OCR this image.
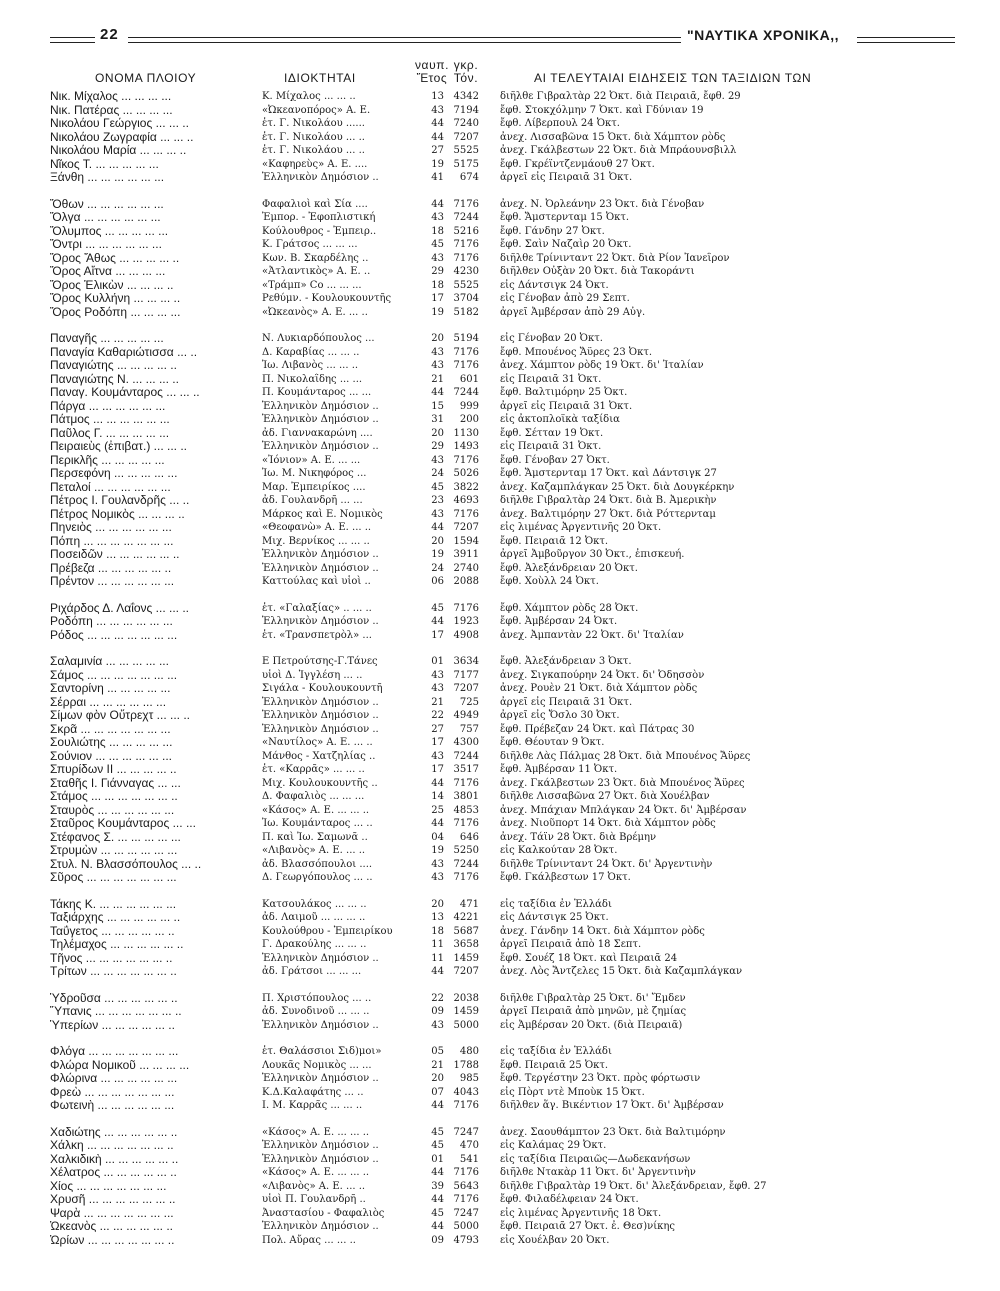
22	"ΝΑΥΤΙΚΑ ΧΡΟΝΙΚΑ,,
ΟΝΟΜΑ ΠΛΟΙΟΥ	ΙΔΙΟΚΤΗΤΑΙ
ναυπ.
Ἔτος
γκρ.
Τόν.	ΑΙ ΤΕΛΕΥΤΑΙΑΙ ΕΙΔΗΣΕΙΣ ΤΩΝ ΤΑΞΙΔΙΩΝ ΤΩΝ
Νικ. Μίχαλος ... ... ... ...	Κ. Μίχαλος ... ... ..	13 4342 διῆλθε Γιβραλτὰρ 22 Ὀκτ. διὰ Πειραιᾶ, ἔφθ. 29
Νικ. Πατέρας ... ... ... ...	«Ὠκεανοπόρος» Α. Ε.	43 7194 ἔφθ. Στοκχόλμην 7 Ὀκτ. καὶ Γδύνιαν 19
Νικολάου Γεώργιος ... ... ..	ἑτ. Γ. Νικολάου ......	44 7240 ἔφθ. Λίβερπουλ 24 Ὀκτ.
Νικολάου Ζωγραφία ... ... ..	ἑτ. Γ. Νικολάου ... ..	44 7207 ἀνεχ. Λισσαβῶνα 15 Ὀκτ. διὰ Χάμπτον ρὸδς
Νικολάου Μαρία ... ... ... ..	ἑτ. Γ. Νικολάου ... ..	27 5525 ἀνεχ. Γκάλβεστων 22 Ὀκτ. διὰ Μπράουνσβιλλ
Νῖκος Τ. ... ... ... ... ...	«Καφηρεὺς» Α. Ε. ....	19 5175 ἔφθ. Γκρέϊντζενμάουθ 27 Ὀκτ.
Ξάνθη ... ... ... ... ... ...	Ἑλληνικὸν Δημόσιον ..	41	674 ἀργεῖ εἰς Πειραιᾶ 31 Ὀκτ.
Ὄθων ... ... ... ... ... ...	Φαφαλιοὶ καὶ Σία ....	44 7176 ἀνεχ. Ν. Ὀρλεάνην 23 Ὀκτ. διὰ Γένοβαν
Ὄλγα ... ... ... ... ... ...	Ἐμπορ. - Ἐφοπλιστική	43 7244 ἔφθ. Ἄμστερνταμ 15 Ὀκτ.
Ὄλυμπος ... ... ... ... ...	Κούλουθρος - Ἐμπειρ..	18 5216 ἔφθ. Γάνδην 27 Ὀκτ.
Ὄντρι ... ... ... ... ... ...	Κ. Γράτσος ... ... ...	45 7176 ἔφθ. Σαὶν Ναζαὶρ 20 Ὀκτ.
Ὄρος Ἄθως ... ... ... ... ..	Κων. Β. Σκαρδέλης ..	43 7176 διῆλθε Τρίνινταντ 22 Ὀκτ. διὰ Ρίον Ἰανεΐρον
Ὄρος Αἴτνα ... ... ... ...	«Ἀτλαντικὸς» Α. Ε. ..	29 4230 διῆλθεν Οὐξὰν 20 Ὀκτ. διὰ Τακοράντι
Ὄρος Ἑλικὼν ... ... ... ..	«Τράμπ» Co ... ... ...	18 5525 εἰς Δάντσιγκ 24 Ὀκτ.
Ὄρος Κυλλήνη ... ... ... ..	Ρεθύμν. - Κουλουκουντῆς	17 3704 εἰς Γένοβαν ἀπὸ 29 Σεπτ.
Ὄρος Ροδόπη ... ... ... ...	«Ὠκεανὸς» Α. Ε. ... ..	19 5182 ἀργεῖ Ἀμβέρσαν ἀπὸ 29 Αὐγ.
Παναγῆς ... ... ... ... ...	Ν. Λυκιαρδόπουλος ...	20 5194 εἰς Γένοβαν 20 Ὀκτ.
Παναγία Καθαριώτισσα ... ..	Δ. Καραβίας ... ... ..	43 7176 ἔφθ. Μπουένος Ἄϋρες 23 Ὀκτ.
Παναγιώτης ... ... ... ... ..	Ἰω. Λιβανὸς ... ... ..	43 7176 ἀνεχ. Χάμπτον ρὸδς 19 Ὀκτ. δι' Ἰταλίαν
Παναγιώτης Ν. ... ... ... ..	Π. Νικολαΐδης ... ...	21	601 εἰς Πειραιᾶ 31 Ὀκτ.
Παναγ. Κουμάνταρος ... ... ..	Π. Κουμάνταρος ... ...	44 7244 ἔφθ. Βαλτιμόρην 25 Ὀκτ.
Πάργα ... ... ... ... ... ...	Ἑλληνικὸν Δημόσιον ..	15	999 ἀργεῖ εἰς Πειραιᾶ 31 Ὀκτ.
Πάτμος ... ... ... ... ... ...	Ἑλληνικὸν Δημόσιον ..	31	200 εἰς ἀκτοπλοϊκὰ ταξίδια
Παῦλος Γ. ... ... ... ... ...	ἀδ. Γιαννακαρώνη ....	20 1130 ἔφθ. Σέτταν 19 Ὀκτ.
Πειραιεὺς (ἐπιβατ.) ... ... ..	Ἑλληνικὸν Δημόσιον ..	29 1493 εἰς Πειραιᾶ 31 Ὀκτ.
Περικλῆς ... ... ... ... ...	«Ἰόνιον» Α. Ε. ... ...	43 7176 ἔφθ. Γένοβαν 27 Ὀκτ.
Περσεφόνη ... ... ... ... ...	Ἰω. Μ. Νικηφόρος ...	24 5026 ἔφθ. Ἄμστερνταμ 17 Ὀκτ. καὶ Δάντσιγκ 27
Πεταλοί ... ... ... ... ... ...	Μαρ. Ἐμπειρίκος ....	45 3822 ἀνεχ. Καζαμπλάγκαν 25 Ὀκτ. διὰ Δουγκέρκην
Πέτρος Ι. Γουλανδρῆς ... ..	ἀδ. Γουλανδρῆ ... ...	23 4693 διῆλθε Γιβραλτὰρ 24 Ὀκτ. διὰ Β. Ἀμερικὴν
Πέτρος Νομικὸς ... ... ... ..	Μάρκος καὶ Ε. Νομικὸς	43 7176 ἀνεχ. Βαλτιμόρην 27 Ὀκτ. διὰ Ρόττερνταμ
Πηνειὸς ... ... ... ... ... ...	«Θεοφανὼ» Α. Ε. ... ..	44 7207 εἰς λιμένας Ἀργεντινῆς 20 Ὀκτ.
Πόπη ... ... ... ... ... ... ...	Μιχ. Βερνίκος ... ... ..	20 1594 ἔφθ. Πειραιᾶ 12 Ὀκτ.
Ποσειδῶν ... ... ... ... ... ..	Ἑλληνικὸν Δημόσιον ..	19 3911 ἀργεῖ Ἀμβοῦργον 30 Ὀκτ., ἐπισκευή.
Πρέβεζα ... ... ... ... ... ..	Ἑλληνικὸν Δημόσιον ..	24 2740 ἔφθ. Ἀλεξάνδρειαν 20 Ὀκτ.
Πρέντον ... ... ... ... ... ...	Καττούλας καὶ υἱοὶ ..	06 2088 ἔφθ. Χοὺλλ 24 Ὀκτ.
Ριχάρδος Δ. Λαΐονς ... ... ..	ἑτ. «Γαλαξίας» .. ... ..	45 7176 ἔφθ. Χάμπτον ρὸδς 28 Ὀκτ.
Ροδόπη ... ... ... ... ... ...	Ἑλληνικὸν Δημόσιον ..	44 1923 ἔφθ. Ἀμβέρσαν 24 Ὀκτ.
Ρόδος ... ... ... ... ... ... ...	ἑτ. «Τρανσπετρὸλ» ...	17 4908 ἀνεχ. Ἀμπαντὰν 22 Ὀκτ. δι' Ἰταλίαν
Σαλαμινία ... ... ... ... ...	Ε Πετρούτσης-Γ.Τάνες	01 3634 ἔφθ. Ἀλεξάνδρειαν 3 Ὀκτ.
Σάμος ... ... ... ... ... ... ...	υἱοὶ Δ. Ἰγγλέση ... ..	43 7177 ἀνεχ. Σιγκαπούρην 24 Ὀκτ. δι' Ὀδησσὸν
Σαντορίνη ... ... ... ... ...	Σιγάλα - Κουλουκουντῆ	43 7207 ἀνεχ. Ρουὲν 21 Ὀκτ. διὰ Χάμπτον ρὸδς
Σέρραι ... ... ... ... ... ...	Ἑλληνικὸν Δημόσιον ..	21	725 ἀργεῖ εἰς Πειραιᾶ 31 Ὀκτ.
Σίμων φὸν Οὔτρεχτ ... ... ..	Ἑλληνικὸν Δημόσιον ..	22 4949 ἀργεῖ εἰς Ὄσλο 30 Ὀκτ.
Σκρᾶ ... ... ... ... ... ... ...	Ἑλληνικὸν Δημόσιον ..	27	757 ἔφθ. Πρέβεζαν 24 Ὀκτ. καὶ Πάτρας 30
Σουλιώτης ... ... ... ... ...	«Ναυτίλος» Α. Ε. ... ..	17 4300 ἔφθ. Θέουταν 9 Ὀκτ.
Σούνιον ... ... ... ... ... ...	Μάνθος - Χατζηλίας ..	43 7244 διῆλθε Λὰς Πάλμας 28 Ὀκτ. διὰ Μπουένος Ἄϋρες
Σπυρίδων ΙΙ ... ... ... ... ..	ἑτ. «Καρρᾶς» ... ... ..	17 3517 ἔφθ. Ἀμβέρσαν 11 Ὀκτ.
Σταθῆς Ι. Γιάνναγας ... ...	Μιχ. Κουλουκουντῆς ..	44 7176 ἀνεχ. Γκάλβεστων 23 Ὀκτ. διὰ Μπουένος Ἄϋρες
Στάμος ... ... ... ... ... ... ..	Δ. Φαφαλιὸς ... ... ...	14 3801 διῆλθε Λισσαβῶνα 27 Ὀκτ. διὰ Χουέλβαν
Σταυρὸς ... ... ... ... ... ...	«Κάσος» Α. Ε. ... ... ..	25 4853 ἀνεχ. Μπάχιαν Μπλάγκαν 24 Ὀκτ. δι' Ἀμβέρσαν
Σταῦρος Κουμάνταρος ... ...	Ἰω. Κουμάνταρος ... ..	44 7176 ἀνεχ. Νιοῦπορτ 14 Ὀκτ. διὰ Χάμπτον ρὸδς
Στέφανος Σ. ... ... ... ... ...	Π. καὶ Ἰω. Σαμωνᾶ ..	04	646 ἀνεχ. Τάϊν 28 Ὀκτ. διὰ Βρέμην
Στρυμὼν ... ... ... ... ... ...	«Λιβανὸς» Α. Ε. ... ..	19 5250 εἰς Καλκούταν 28 Ὀκτ.
Στυλ. Ν. Βλασσόπουλος ... ..	ἀδ. Βλασσόπουλοι ....	43 7244 διῆλθε Τρίνινταντ 24 Ὀκτ. δι' Ἀργεντινὴν
Σῦρος ... ... ... ... ... ... ...	Δ. Γεωργόπουλος ... ..	43 7176 ἔφθ. Γκάλβεστων 17 Ὀκτ.
Τάκης Κ. ... ... ... ... ... ...	Κατσουλάκος ... ... ..	20	471 εἰς ταξίδια ἐν Ἑλλάδι
Ταξιάρχης ... ... ... ... ... ..	ἀδ. Λαιμοῦ ... ... ... ..	13 4221 εἰς Δάντσιγκ 25 Ὀκτ.
Ταΰγετος ... ... ... ... ... ..	Κουλούθρου - Ἐμπειρίκου	18 5687 ἀνεχ. Γάνδην 14 Ὀκτ. διὰ Χάμπτον ρὸδς
Τηλέμαχος ... ... ... ... ... ..	Γ. Δρακούλης ... ... ..	11 3658 ἀργεῖ Πειραιᾶ ἀπὸ 18 Σεπτ.
Τῆνος ... ... ... ... ... ... ..	Ἑλληνικὸν Δημόσιον ..	11 1459 ἔφθ. Σουέζ 18 Ὀκτ. καὶ Πειραιᾶ 24
Τρίτων ... ... ... ... ... ... ..	ἀδ. Γράτσοι ... ... ...	44 7207 ἀνεχ. Λὸς Ἄντζελες 15 Ὀκτ. διὰ Καζαμπλάγκαν
Ὑδροῦσα ... ... ... ... ... ..	Π. Χριστόπουλος ... ..	22 2038 διῆλθε Γιβραλτὰρ 25 Ὀκτ. δι' Ἔμδεν
Ὕπανις ... ... ... ... ... ... ..	ἀδ. Συνοδινοῦ ... ... ..	09 1459 ἀργεῖ Πειραιᾶ ἀπὸ μηνῶν, μὲ ζημίας
Ὑπερίων ... ... ... ... ... ..	Ἑλληνικὸν Δημόσιον ..	43 5000 εἰς Ἀμβέρσαν 20 Ὀκτ. (διὰ Πειραιᾶ)
Φλόγα ... ... ... ... ... ... ...	ἑτ. Θαλάσσιοι Σιδ)μοι»	05	480 εἰς ταξίδια ἐν Ἑλλάδι
Φλώρα Νομικοῦ ... ... ... ...	Λουκᾶς Νομικὸς ... ...	21 1788 ἔφθ. Πειραιᾶ 25 Ὀκτ.
Φλώρινα ... ... ... ... ... ...	Ἑλληνικὸν Δημόσιον ..	20	985 ἔφθ. Τεργέστην 23 Ὀκτ. πρὸς φόρτωσιν
Φρεὼ ... ... ... ... ... ... ...	Κ.Δ.Καλαφάτης ... ..	07 4043 εἰς Πὸρτ ντὲ Μποὺκ 15 Ὀκτ.
Φωτεινὴ ... ... ... ... ... ...	Ι. Μ. Καρρᾶς ... ... ..	44 7176 διῆλθεν ἅγ. Βικέντιον 17 Ὀκτ. δι' Ἀμβέρσαν
Χαδιώτης ... ... ... ... ... ..	«Κάσος» Α. Ε. ... ... ..	45 7247 ἀνεχ. Σαουθάμπτον 23 Ὀκτ. διὰ Βαλτιμόρην
Χάλκη ... ... ... ... ... ... ..	Ἑλληνικὸν Δημόσιον ..	45	470 εἰς Καλάμας 29 Ὀκτ.
Χαλκιδικὴ ... ... ... ... ... ..	Ἑλληνικὸν Δημόσιον ..	01	541 εἰς ταξίδια Πειραιῶς—Δωδεκανήσων
Χέλατρος ... ... ... ... ... ..	«Κάσος» Α. Ε. ... ... ..	44 7176 διῆλθε Ντακὰρ 11 Ὀκτ. δι' Ἀργεντινὴν
Χίος ... ... ... ... ... ... ...	«Λιβανὸς» Α. Ε. ... ..	39 5643 διῆλθε Γιβραλτὰρ 19 Ὀκτ. δι' Ἀλεξάνδρειαν, ἔφθ. 27
Χρυσῆ ... ... ... ... ... ... ..	υἱοὶ Π. Γουλανδρῆ ..	44 7176 ἔφθ. Φιλαδέλφειαν 24 Ὀκτ.
Ψαρὰ ... ... ... ... ... ... ...	Ἀναστασίου - Φαφαλιὸς	45 7247 εἰς λιμένας Ἀργεντινῆς 18 Ὀκτ.
Ὠκεανὸς ... ... ... ... ... ..	Ἑλληνικὸν Δημόσιον ..	44 5000 ἔφθ. Πειραιᾶ 27 Ὀκτ. ἐ. Θεσ)νίκης
Ὠρίων ... ... ... ... ... ... ..	Πολ. Αὔρας ... ... ..	09 4793 εἰς Χουέλβαν 20 Ὀκτ.
